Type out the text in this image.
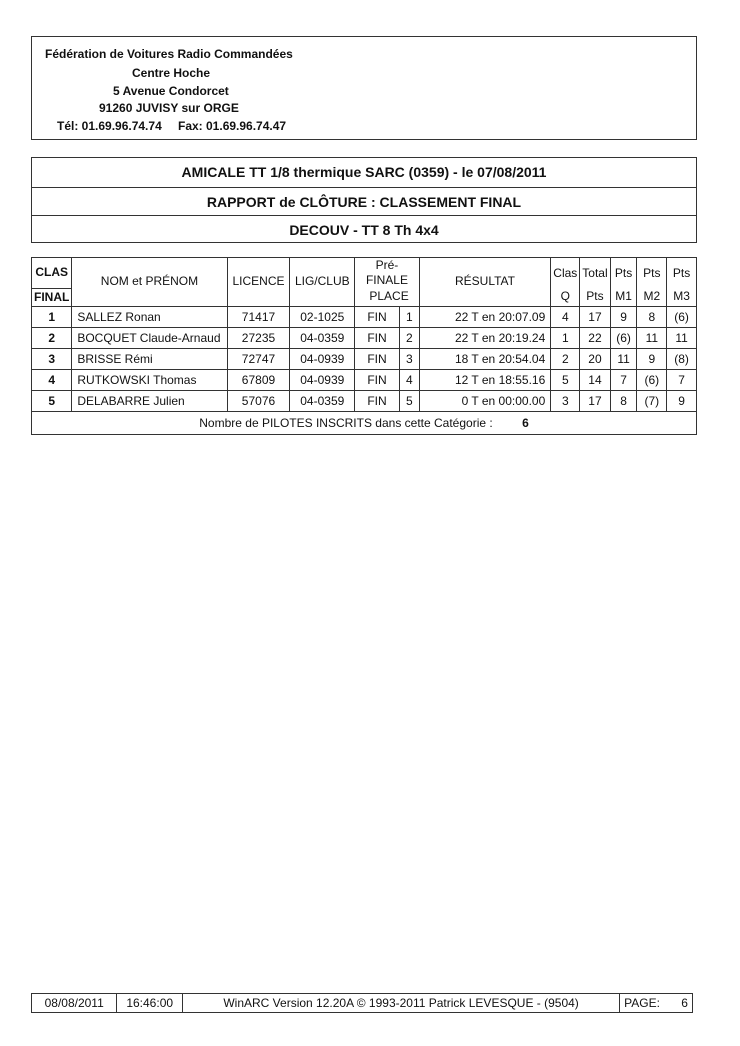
Fédération de Voitures Radio Commandées
Centre Hoche
5 Avenue Condorcet
91260 JUVISY sur ORGE
Tél: 01.69.96.74.74 Fax: 01.69.96.74.47
AMICALE TT 1/8 thermique SARC (0359) - le 07/08/2011
RAPPORT de CLÔTURE : CLASSEMENT FINAL
DECOUV - TT 8 Th 4x4
CLAS	NOM et PRÉNOM	LICENCE	LIG/CLUB	Pré-FINALE		RÉSULTAT	Clas	Total	Pts	Pts	Pts
FINAL				PLACE			Q	Pts	M1	M2	M3
1	SALLEZ Ronan	71417	02-1025	FIN	1	22 T en 20:07.09	4	17	9	8	(6)
2	BOCQUET Claude-Arnaud	27235	04-0359	FIN	2	22 T en 20:19.24	1	22	(6)	11	11
3	BRISSE Rémi	72747	04-0939	FIN	3	18 T en 20:54.04	2	20	11	9	(8)
4	RUTKOWSKI Thomas	67809	04-0939	FIN	4	12 T en 18:55.16	5	14	7	(6)	7
5	DELABARRE Julien	57076	04-0359	FIN	5	0 T en 00:00.00	3	17	8	(7)	9
Nombre de PILOTES INSCRITS dans cette Catégorie : 6											
08/08/2011	16:46:00	WinARC Version 12.20A © 1993-2011 Patrick LEVESQUE - (9504)	PAGE: 6
